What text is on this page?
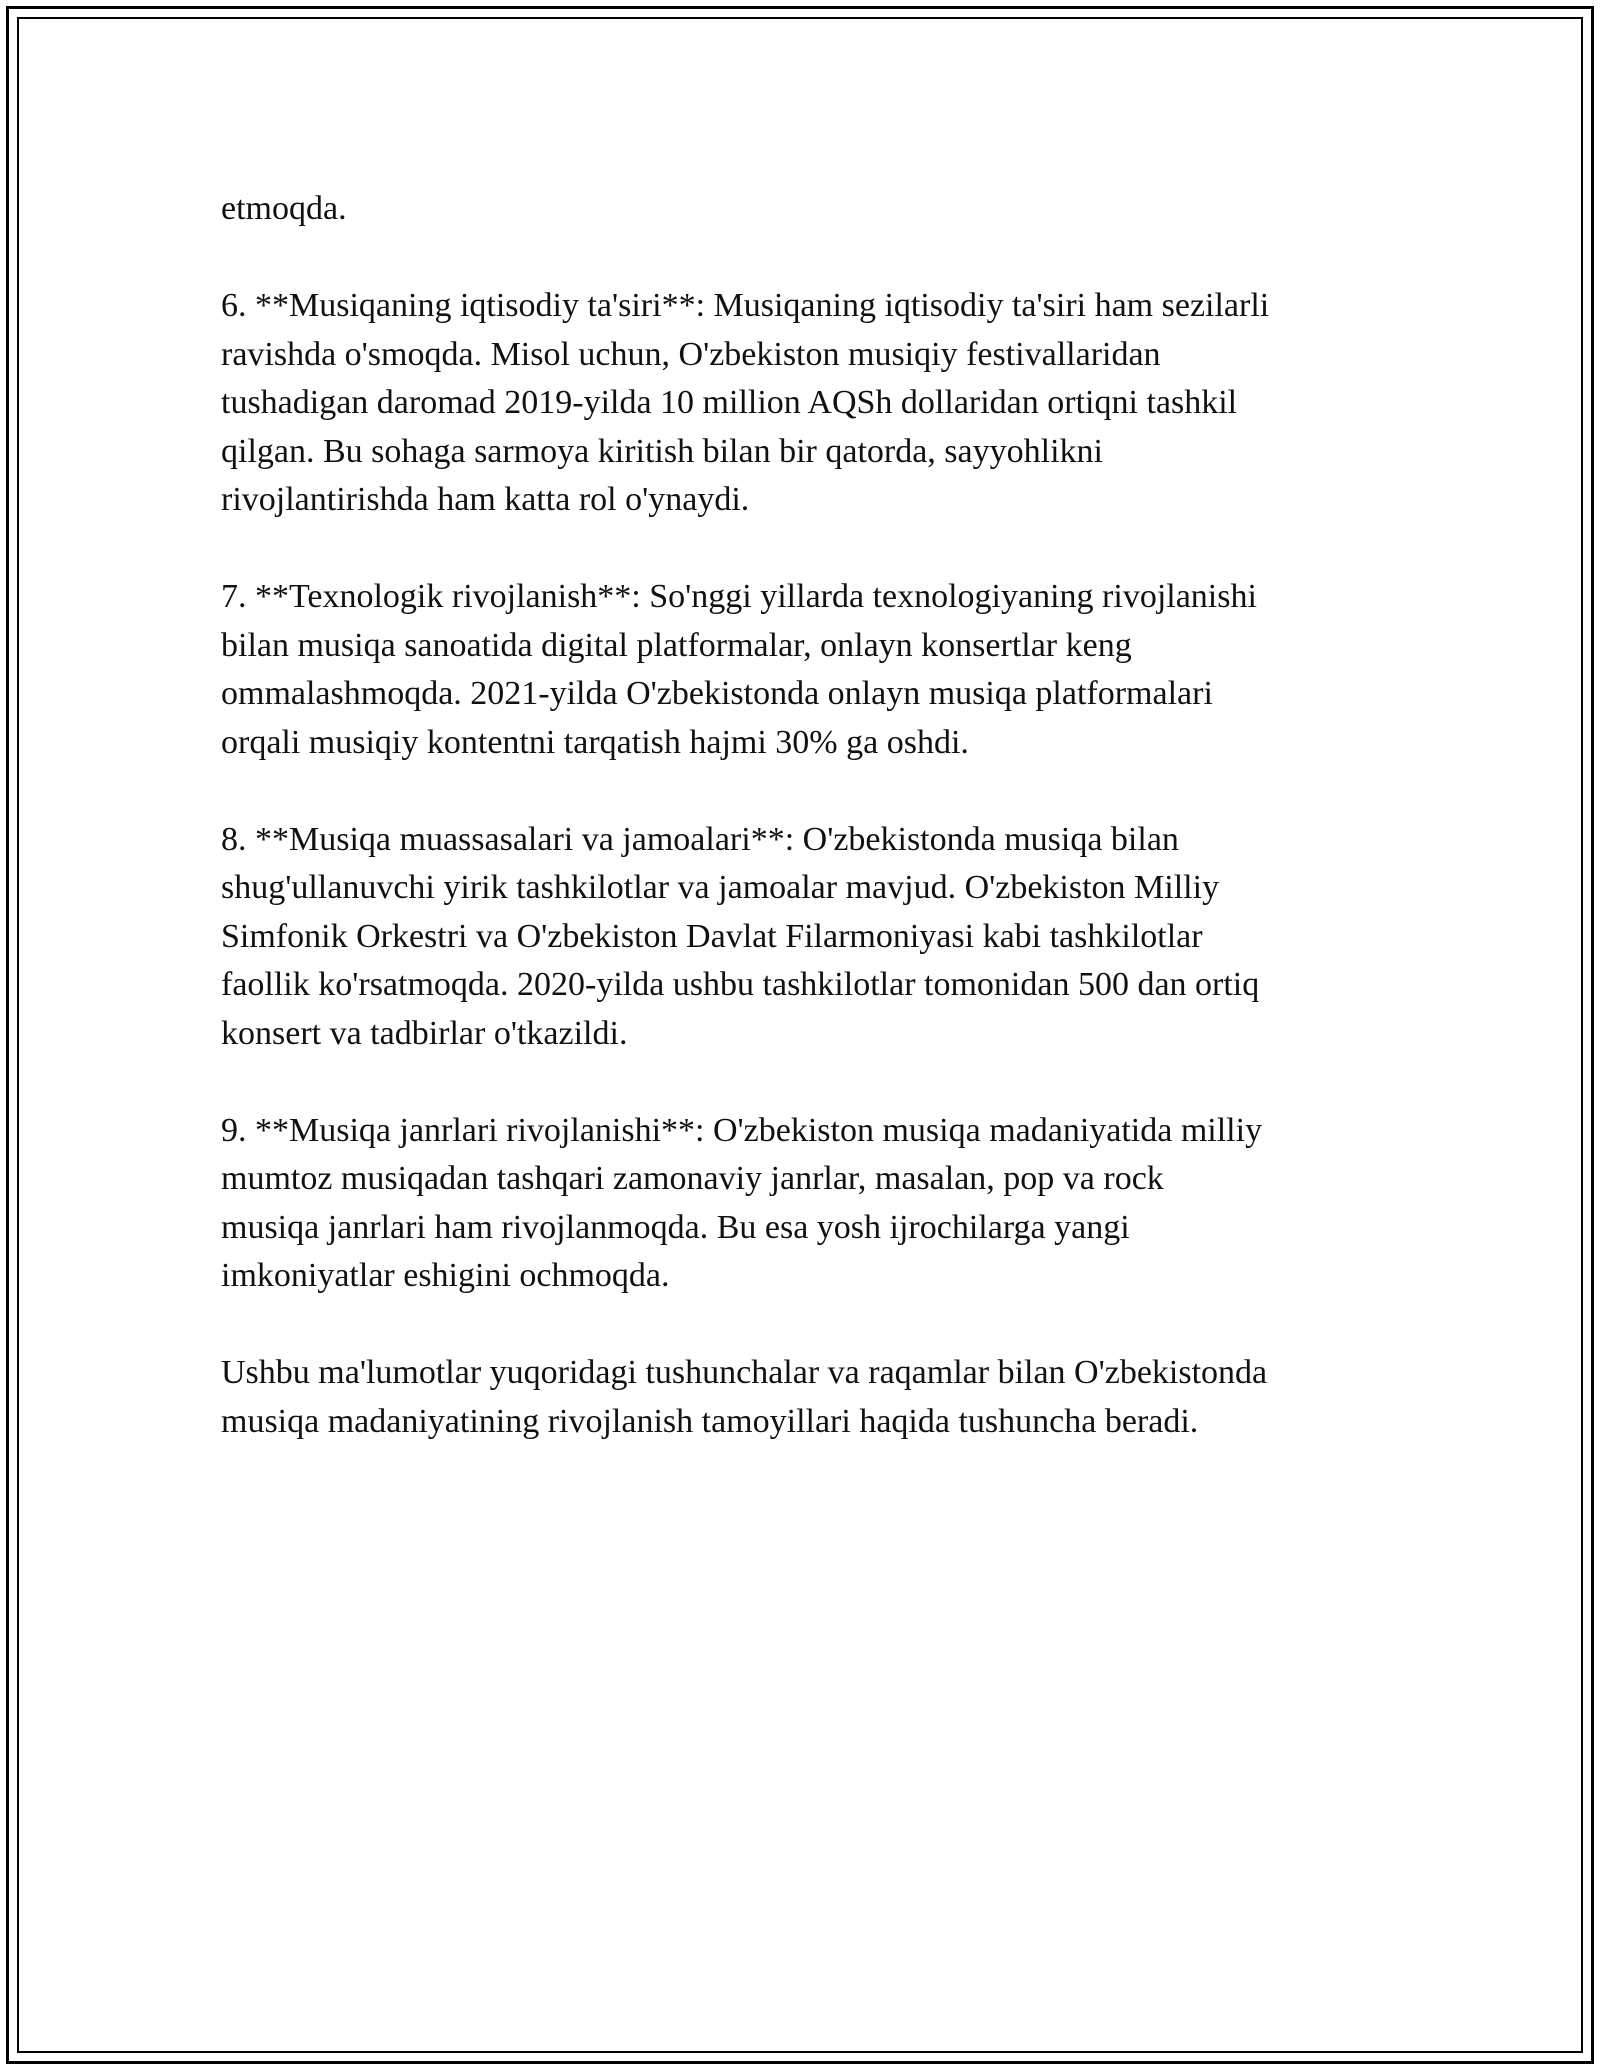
etmoqda.

6. **Musiqaning iqtisodiy ta'siri**: Musiqaning iqtisodiy ta'siri ham sezilarli
ravishda o'smoqda. Misol uchun, O'zbekiston musiqiy festivallaridan
tushadigan daromad 2019-yilda 10 million AQSh dollaridan ortiqni tashkil
qilgan. Bu sohaga sarmoya kiritish bilan bir qatorda, sayyohlikni
rivojlantirishda ham katta rol o'ynaydi.

7. **Texnologik rivojlanish**: So'nggi yillarda texnologiyaning rivojlanishi
bilan musiqa sanoatida digital platformalar, onlayn konsertlar keng
ommalashmoqda. 2021-yilda O'zbekistonda onlayn musiqa platformalari
orqali musiqiy kontentni tarqatish hajmi 30% ga oshdi.

8. **Musiqa muassasalari va jamoalari**: O'zbekistonda musiqa bilan
shug'ullanuvchi yirik tashkilotlar va jamoalar mavjud. O'zbekiston Milliy
Simfonik Orkestri va O'zbekiston Davlat Filarmoniyasi kabi tashkilotlar
faollik ko'rsatmoqda. 2020-yilda ushbu tashkilotlar tomonidan 500 dan ortiq
konsert va tadbirlar o'tkazildi.

9. **Musiqa janrlari rivojlanishi**: O'zbekiston musiqa madaniyatida milliy
mumtoz musiqadan tashqari zamonaviy janrlar, masalan, pop va rock
musiqa janrlari ham rivojlanmoqda. Bu esa yosh ijrochilarga yangi
imkoniyatlar eshigini ochmoqda.

Ushbu ma'lumotlar yuqoridagi tushunchalar va raqamlar bilan O'zbekistonda
musiqa madaniyatining rivojlanish tamoyillari haqida tushuncha beradi.
